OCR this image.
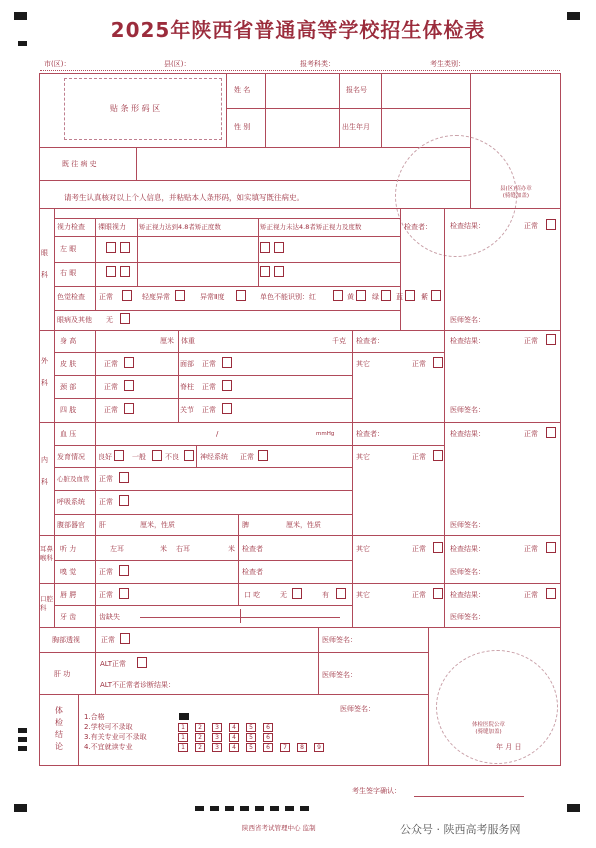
2025年陕西省普通高等学校招生体检表
市(区)：	县(区)：	报考科类：	考生类别：
贴 条 形 码 区
姓 名	报名号
性 别	出生年月
既 往 病 史
请考生认真核对以上个人信息，并粘贴本人条形码，如实填写既往病史。
县(区)招办章
(骑缝加盖)
眼

科
视力检查 裸眼视力 矫正视力达到4.8者矫正度数	矫正视力未达4.8者矫正视力及度数
左 眼
右 眼
色觉检查 正常	轻度异常	异常Ⅱ度	单色不能识别：红	黄	绿 蓝	紫
眼病及其他 无
检查者：	检查结果：	正常
医师签名：
外

科
身 高	厘米 体重	千克
皮 肤	正常	面部 正常
颈 部	正常	脊柱 正常
四 肢	正常	关节 正常
检查者：
其它	正常
检查结果：	正常
医师签名：
内

科
血 压	/	mmHg
发育情况 良好	一般	不良	神经系统 正常
心脏及血管 正常
呼吸系统 正常
腹部器官 肝	厘米，性质	脾	厘米，性质
检查者：
其它	正常
检查结果：	正常
医师签名：
耳鼻
喉科
口腔科
听 力	左耳	米 右耳	米 检查者
嗅 觉	正常	检查者
其它	正常	检查结果：	正常
医师签名：
唇 腭	正常	口 吃	无	有
牙 齿	齿缺失
其它	正常	检查结果：	正常
医师签名：
胸部透视	正常	医师签名：
肝 功
ALT正常
ALT不正常者诊断结果：
医师签名：
体
检
结
论
医师签名：
1.合格
2.学校可不录取
3.有关专业可不录取
4.不宜就读专业
1	2	3	4	5	6
1	2	3	4	5	6
1	2	3	4	5	6	7	8	9
体检医院公章
(骑缝加盖)
年 月 日
考生签字确认：
陕西省考试管理中心 监制	公众号 · 陕西高考服务网
